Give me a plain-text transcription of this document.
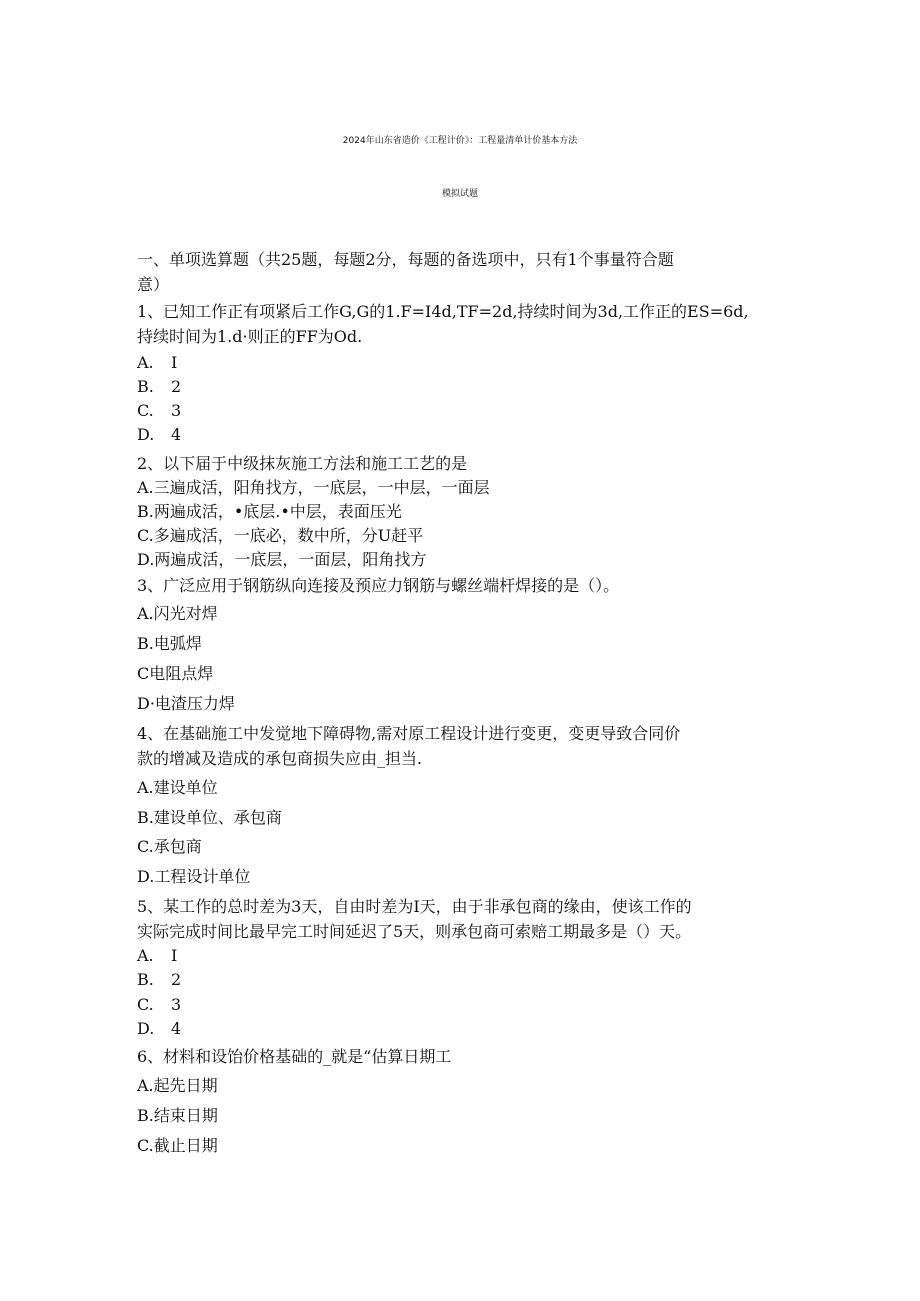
2024年山东省造价《工程计价》：工程量清单计价基本方法
模拟试题
一、单项选算题（共25题，每题2分，每题的备选项中，只有1个事量符合题
意）
1、已知工作正有项紧后工作G,G的1.F=I4d,TF=2d,持续时间为3d,工作正的ES=6d,
持续时间为1.d·则正的FF为Od.
A. I
B. 2
C. 3
D. 4
2、以下届于中级抹灰施工方法和施工工艺的是
A.三遍成活，阳角找方，一底层，一中层，一面层
B.两遍成活，•底层.•中层，表面压光
C.多遍成活，一底必，数中所，分U赶平
D.两遍成活，一底层，一面层，阳角找方
3、广泛应用于钢筋纵向连接及预应力钢筋与螺丝端杆焊接的是（）。
A.闪光对焊
B.电弧焊
C电阻点焊
D·电渣压力焊
4、在基础施工中发觉地下障碍物,需对原工程设计进行变更，变更导致合同价
款的增减及造成的承包商损失应由_担当.
A.建设单位
B.建设单位、承包商
C.承包商
D.工程设计单位
5、某工作的总时差为3天，自由时差为I天，由于非承包商的缘由，使该工作的
实际完成时间比最早完工时间延迟了5天，则承包商可索赔工期最多是（）天。
A. I
B. 2
C. 3
D. 4
6、材料和设饴价格基础的_就是“估算日期工
A.起先日期
B.结束日期
C.截止日期
